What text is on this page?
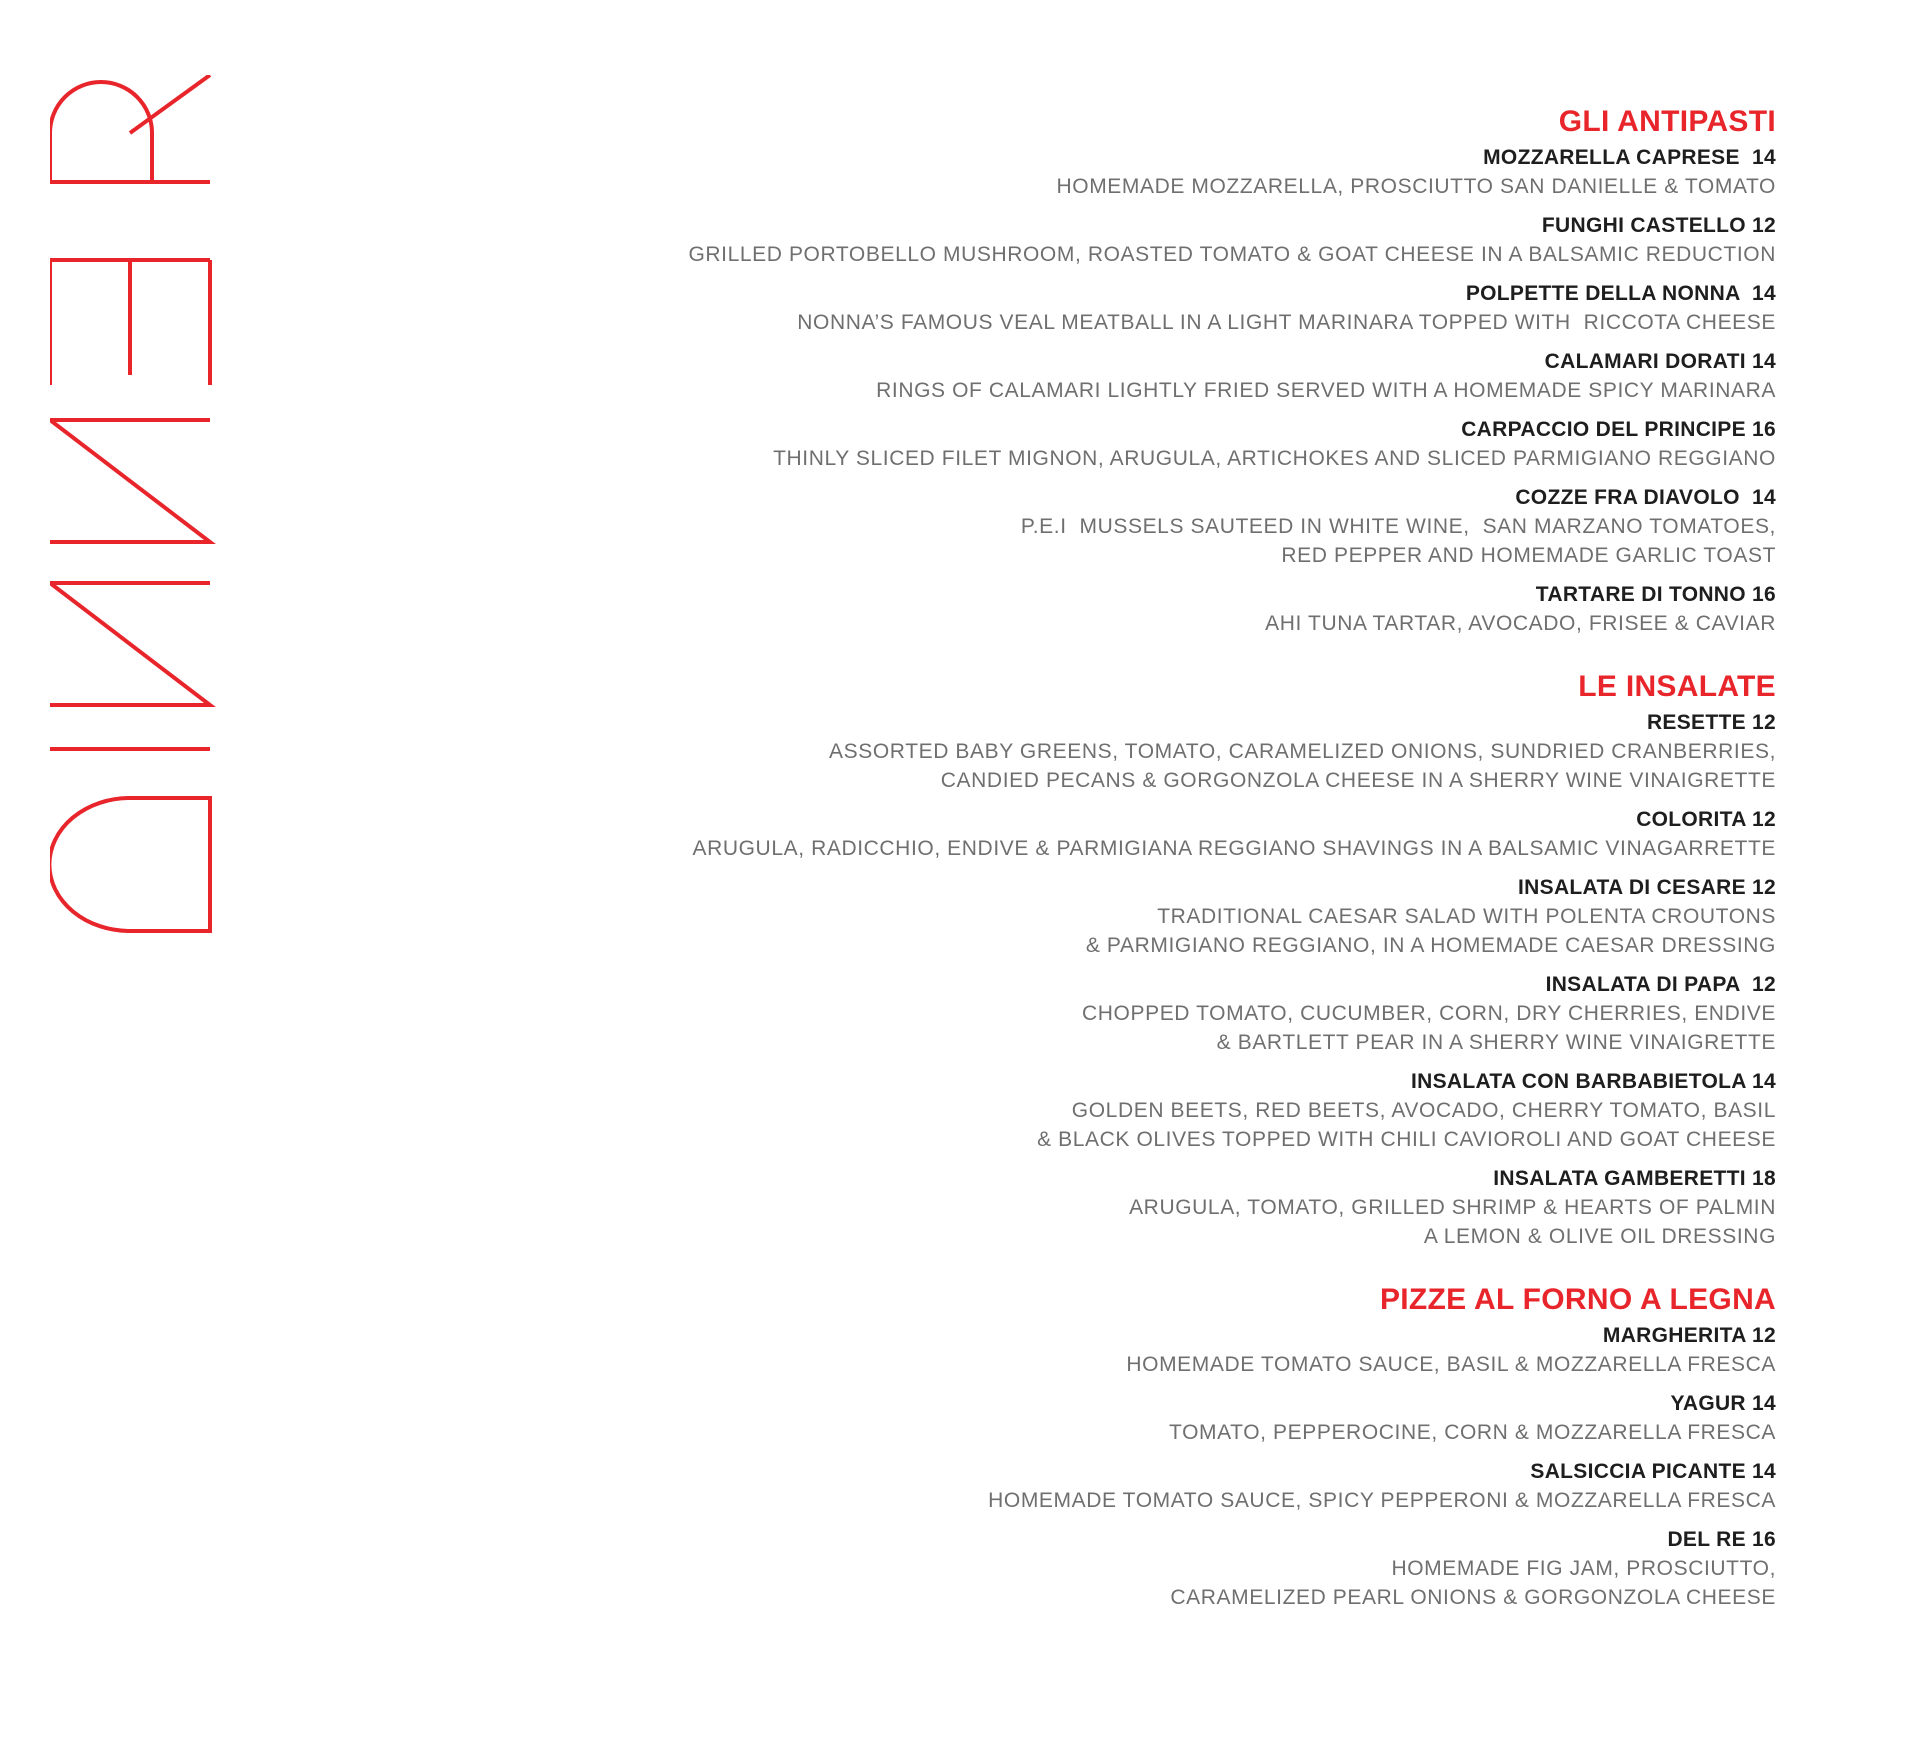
GLI ANTIPASTI
MOZZARELLA CAPRESE  14
HOMEMADE MOZZARELLA, PROSCIUTTO SAN DANIELLE & TOMATO
FUNGHI CASTELLO 12
GRILLED PORTOBELLO MUSHROOM, ROASTED TOMATO & GOAT CHEESE IN A BALSAMIC REDUCTION
POLPETTE DELLA NONNA  14
NONNA’S FAMOUS VEAL MEATBALL IN A LIGHT MARINARA TOPPED WITH  RICCOTA CHEESE
CALAMARI DORATI 14
RINGS OF CALAMARI LIGHTLY FRIED SERVED WITH A HOMEMADE SPICY MARINARA
CARPACCIO DEL PRINCIPE 16
THINLY SLICED FILET MIGNON, ARUGULA, ARTICHOKES AND SLICED PARMIGIANO REGGIANO
COZZE FRA DIAVOLO  14
P.E.I  MUSSELS SAUTEED IN WHITE WINE,  SAN MARZANO TOMATOES,
RED PEPPER AND HOMEMADE GARLIC TOAST
TARTARE DI TONNO 16
AHI TUNA TARTAR, AVOCADO, FRISEE & CAVIAR
LE INSALATE
RESETTE 12
ASSORTED BABY GREENS, TOMATO, CARAMELIZED ONIONS, SUNDRIED CRANBERRIES,
CANDIED PECANS & GORGONZOLA CHEESE IN A SHERRY WINE VINAIGRETTE
COLORITA 12
ARUGULA, RADICCHIO, ENDIVE & PARMIGIANA REGGIANO SHAVINGS IN A BALSAMIC VINAGARRETTE
INSALATA DI CESARE 12
TRADITIONAL CAESAR SALAD WITH POLENTA CROUTONS
& PARMIGIANO REGGIANO, IN A HOMEMADE CAESAR DRESSING
INSALATA DI PAPA  12
CHOPPED TOMATO, CUCUMBER, CORN, DRY CHERRIES, ENDIVE
& BARTLETT PEAR IN A SHERRY WINE VINAIGRETTE
INSALATA CON BARBABIETOLA 14
GOLDEN BEETS, RED BEETS, AVOCADO, CHERRY TOMATO, BASIL
& BLACK OLIVES TOPPED WITH CHILI CAVIOROLI AND GOAT CHEESE
INSALATA GAMBERETTI 18
ARUGULA, TOMATO, GRILLED SHRIMP & HEARTS OF PALMIN
A LEMON & OLIVE OIL DRESSING
PIZZE AL FORNO A LEGNA
MARGHERITA 12
HOMEMADE TOMATO SAUCE, BASIL & MOZZARELLA FRESCA
YAGUR 14
TOMATO, PEPPEROCINE, CORN & MOZZARELLA FRESCA
SALSICCIA PICANTE 14
HOMEMADE TOMATO SAUCE, SPICY PEPPERONI & MOZZARELLA FRESCA
DEL RE 16
HOMEMADE FIG JAM, PROSCIUTTO,
CARAMELIZED PEARL ONIONS & GORGONZOLA CHEESE
